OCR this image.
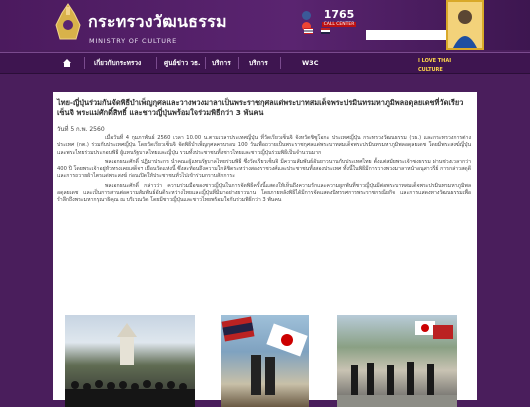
กระทรวงวัฒนธรรม
MINISTRY OF CULTURE

1765
CALL CENTER
เกี่ยวกับกระทรวง	ศูนย์ข่าว วธ. บริการ	บริการ	W3C	I LOVE THAI CULTURE
ไทย-ญี่ปุ่นร่วมกันจัดพิธีบำเพ็ญกุศลและวางพวงมาลาเป็นพระราชกุศลแด่พระบาทสมเด็จพระปรมินทรมหาภูมิพลอดุลยเดชที่วัดเรียวเซ็นจิ พระแม่ศักดิ์สิทธิ์ และชาวญี่ปุ่นพร้อมใจร่วมพิธีกว่า 3 พันคน
วันที่ 5 ก.พ. 2560

เมื่อวันที่ 4 กุมภาพันธ์ 2560 เวลา 10.00 น.ตามเวลาประเทศญี่ปุ่น ที่วัดเรียวเซ็นจิ จังหวัดชิซูโอกะ ประเทศญี่ปุ่น กระทรวงวัฒนธรรม (วธ.) และกระทรวงการต่างประเทศ (กต.) ร่วมกับประเทศญี่ปุ่น โดยวัดเรียวเซ็นจิ จัดพิธีบำเพ็ญกุศลครบรอบ 100 วันเพื่อถวายเป็นพระราชกุศลแด่พระบาทสมเด็จพระปรมินทรมหาภูมิพลอดุลยเดช โดยมีพระสงฆ์ญี่ปุ่นและพระไทยร่วมประกอบพิธี ผู้แทนรัฐบาลไทยและญี่ปุ่น รวมทั้งประชาชนทั้งชาวไทยและชาวญี่ปุ่นร่วมพิธีเป็นจำนวนมาก

พลเอกธนะศักดิ์ ปฏิมาประกร นำคณะผู้แทนรัฐบาลไทยร่วมพิธี ซึ่งวัดเรียวเซ็นจิ มีความสัมพันธ์อันยาวนานกับประเทศไทย ตั้งแต่สมัยพระเจ้าซงธรรม ผ่านช่วงเวลากว่า 400 ปี โดยพระเจ้าอยู่หัวทรงเคยเสด็จฯ เยือนวัดแห่งนี้ ซึ่งสะท้อนถึงความใกล้ชิดระหว่างสองราชวงศ์และประชาชนทั้งสองประเทศ ทั้งนี้ในพิธีมีการวางพวงมาลาหน้าอนุสาวรีย์ การกล่าวสดุดี และการถวายผ้าไตรแด่พระสงฆ์ ก่อนเปิดให้ประชาชนทั่วไปเข้าร่วมกราบสักการะ

พลเอกธนะศักดิ์ กล่าวว่า ความร่วมมือของชาวญี่ปุ่นในการจัดพิธีครั้งนี้แสดงให้เห็นถึงความรักและความผูกพันที่ชาวญี่ปุ่นมีต่อพระบาทสมเด็จพระปรมินทรมหาภูมิพลอดุลยเดช และเป็นการสานต่อความสัมพันธ์อันดีระหว่างไทยและญี่ปุ่นที่มีมาอย่างยาวนาน โดยภายหลังพิธีได้มีการจัดแสดงนิทรรศการพระราชกรณียกิจ และการแสดงทางวัฒนธรรมเพื่อรำลึกถึงพระมหากรุณาธิคุณ ณ บริเวณวัด โดยมีชาวญี่ปุ่นและชาวไทยพร้อมใจกันร่วมพิธีกว่า 3 พันคน
